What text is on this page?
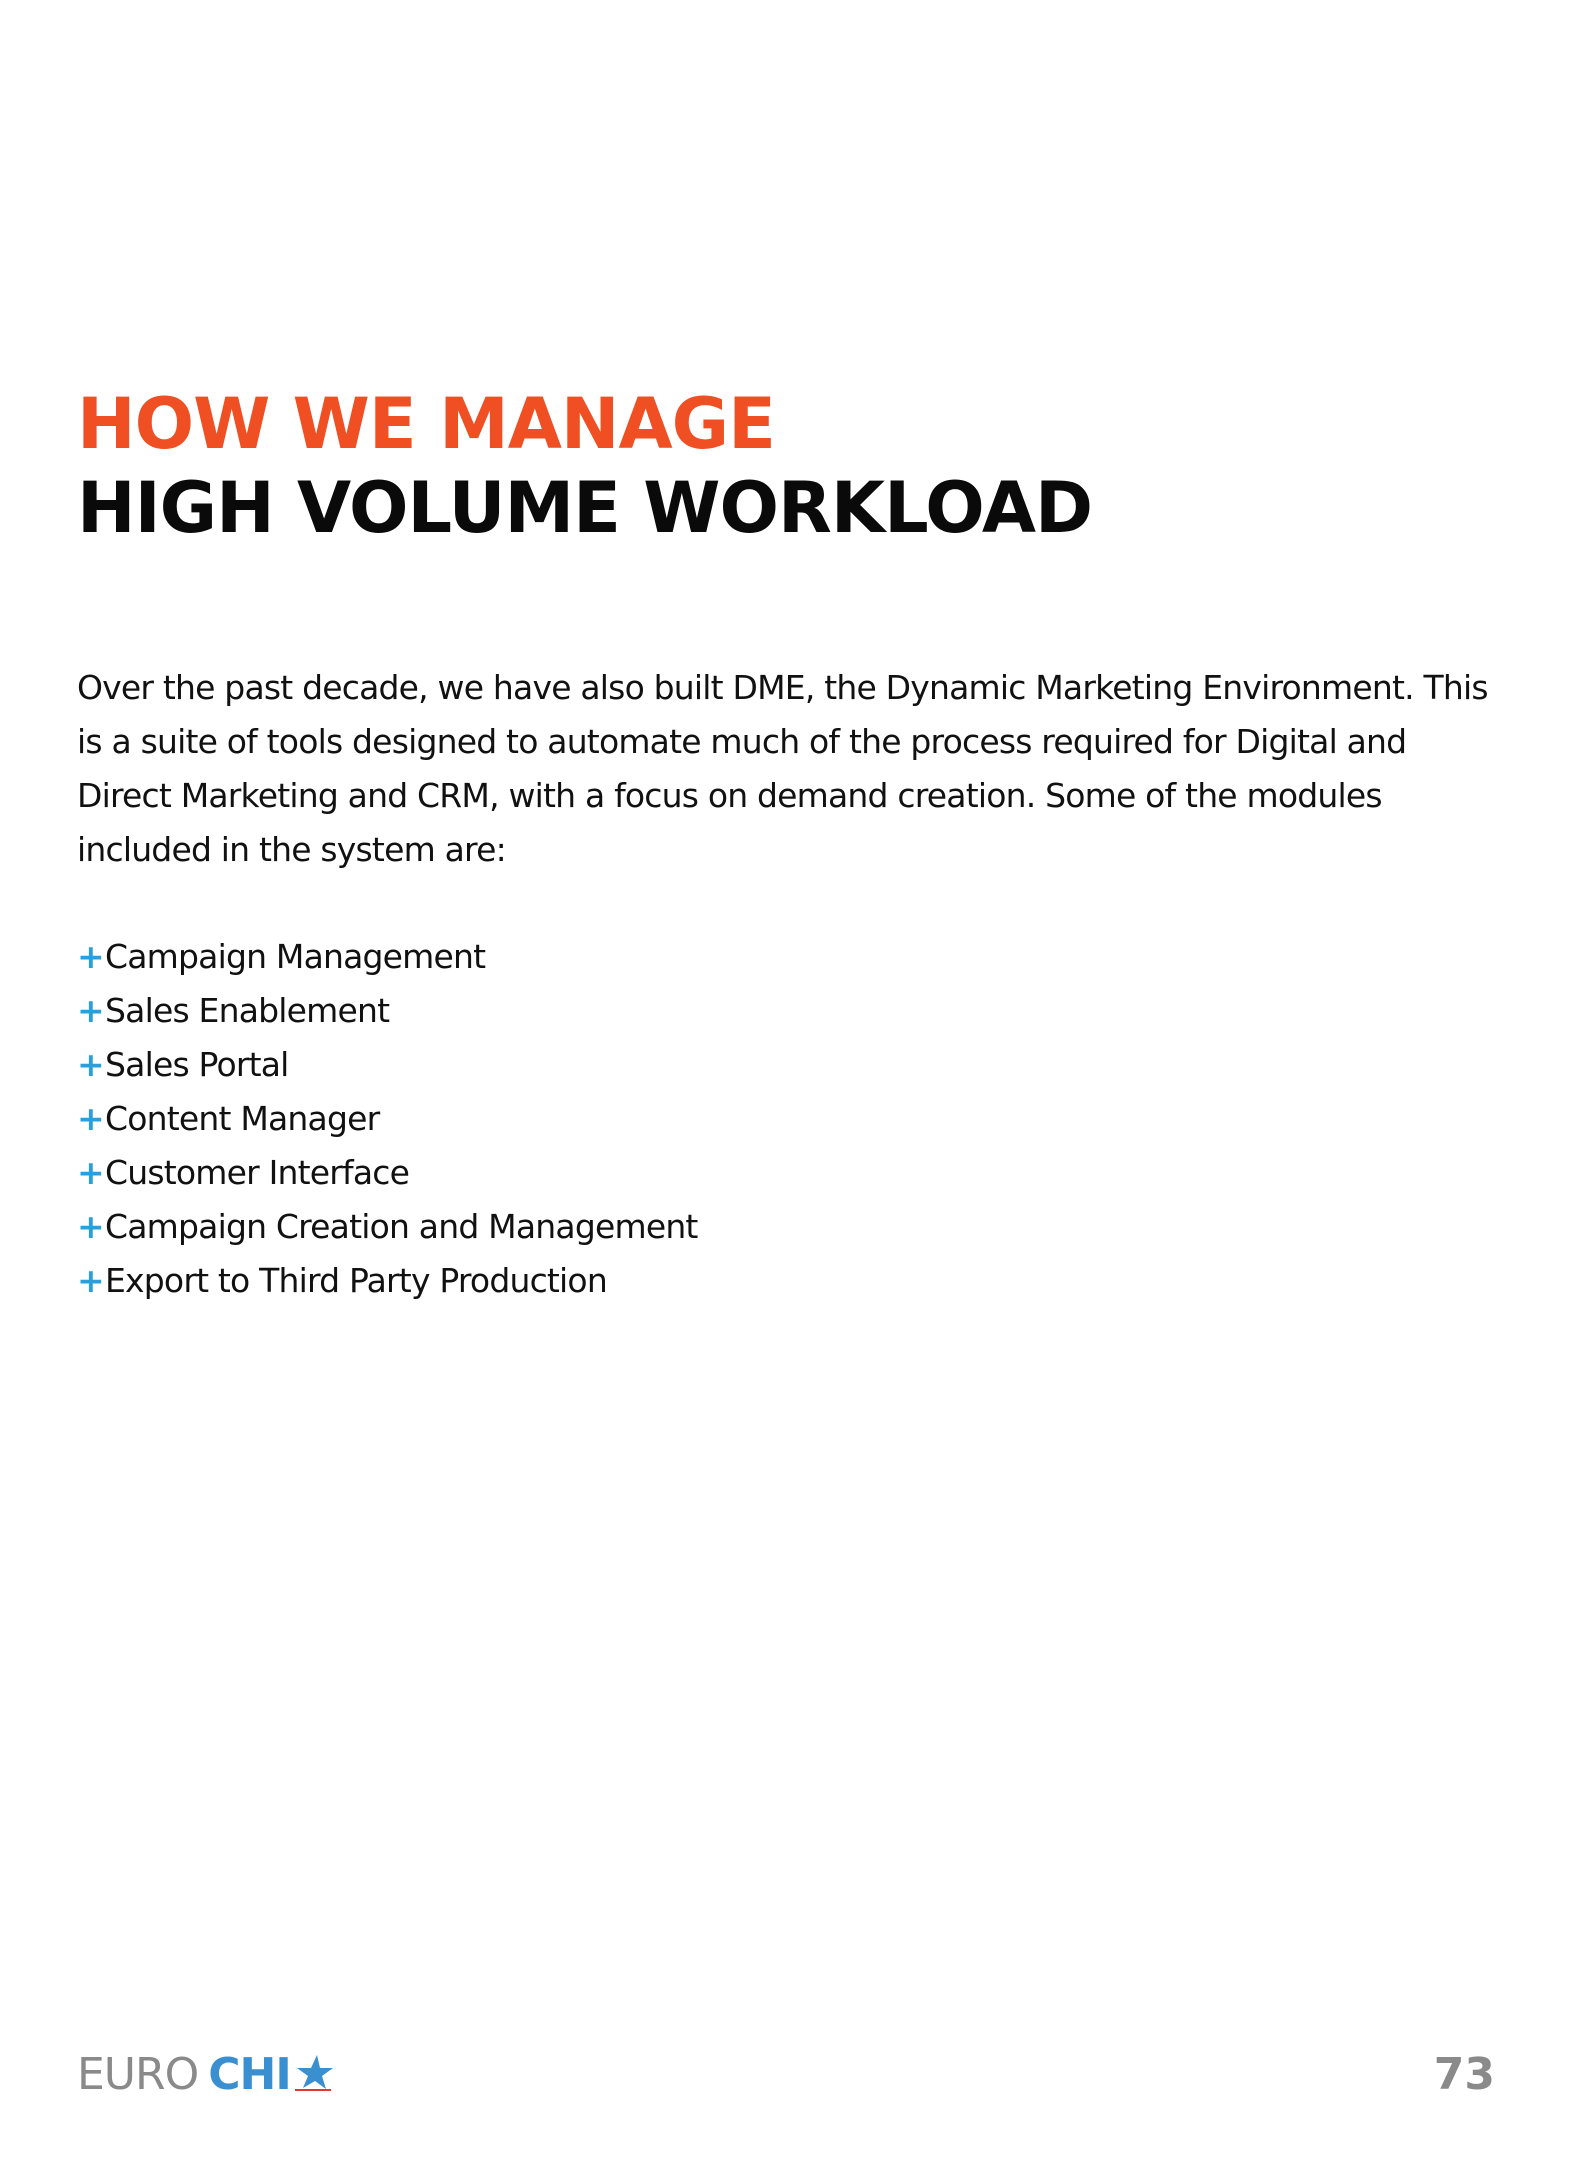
HOW WE MANAGE
HIGH VOLUME WORKLOAD

Over the past decade, we have also built DME, the Dynamic Marketing Environment. This is a suite of tools designed to automate much of the process required for Digital and Direct Marketing and CRM, with a focus on demand creation. Some of the modules included in the system are:

+Campaign Management
+Sales Enablement
+Sales Portal
+Content Manager
+Customer Interface
+Campaign Creation and Management
+Export to Third Party Production
EURO CHI	73
